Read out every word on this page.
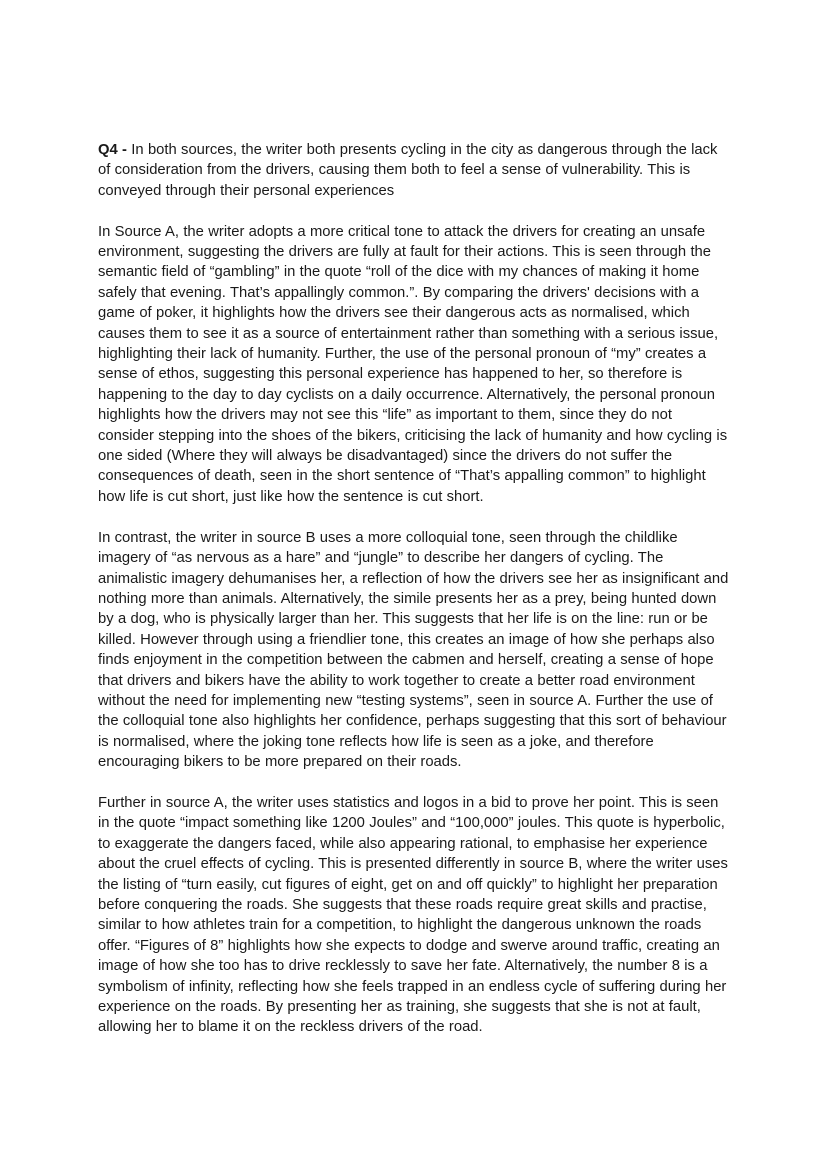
Q4 - In both sources, the writer both presents cycling in the city as dangerous through the lack of consideration from the drivers, causing them both to feel a sense of vulnerability. This is conveyed through their personal experiences

In Source A, the writer adopts a more critical tone to attack the drivers for creating an unsafe environment, suggesting the drivers are fully at fault for their actions. This is seen through the semantic field of “gambling” in the quote “roll of the dice with my chances of making it home safely that evening. That’s appallingly common.”. By comparing the drivers' decisions with a game of poker, it highlights how the drivers see their dangerous acts as normalised, which causes them to see it as a source of entertainment rather than something with a serious issue, highlighting their lack of humanity. Further, the use of the personal pronoun of “my” creates a sense of ethos, suggesting this personal experience has happened to her, so therefore is happening to the day to day cyclists on a daily occurrence. Alternatively, the personal pronoun highlights how the drivers may not see this “life” as important to them, since they do not consider stepping into the shoes of the bikers, criticising the lack of humanity and how cycling is one sided (Where they will always be disadvantaged) since the drivers do not suffer the consequences of death, seen in the short sentence of “That’s appalling common” to highlight how life is cut short, just like how the sentence is cut short.

In contrast, the writer in source B uses a more colloquial tone, seen through the childlike imagery of “as nervous as a hare” and “jungle” to describe her dangers of cycling. The animalistic imagery dehumanises her, a reflection of how the drivers see her as insignificant and nothing more than animals. Alternatively, the simile presents her as a prey, being hunted down by a dog, who is physically larger than her. This suggests that her life is on the line: run or be killed. However through using a friendlier tone, this creates an image of how she perhaps also finds enjoyment in the competition between the cabmen and herself, creating a sense of hope that drivers and bikers have the ability to work together to create a better road environment without the need for implementing new “testing systems”, seen in source A. Further the use of the colloquial tone also highlights her confidence, perhaps suggesting that this sort of behaviour is normalised, where the joking tone reflects how life is seen as a joke, and therefore encouraging bikers to be more prepared on their roads.

Further in source A, the writer uses statistics and logos in a bid to prove her point. This is seen in the quote “impact something like 1200 Joules” and “100,000” joules. This quote is hyperbolic, to exaggerate the dangers faced, while also appearing rational, to emphasise her experience about the cruel effects of cycling. This is presented differently in source B, where the writer uses the listing of “turn easily, cut figures of eight, get on and off quickly” to highlight her preparation before conquering the roads. She suggests that these roads require great skills and practise, similar to how athletes train for a competition, to highlight the dangerous unknown the roads offer. “Figures of 8” highlights how she expects to dodge and swerve around traffic, creating an image of how she too has to drive recklessly to save her fate. Alternatively, the number 8 is a symbolism of infinity, reflecting how she feels trapped in an endless cycle of suffering during her experience on the roads. By presenting her as training, she suggests that she is not at fault, allowing her to blame it on the reckless drivers of the road.
